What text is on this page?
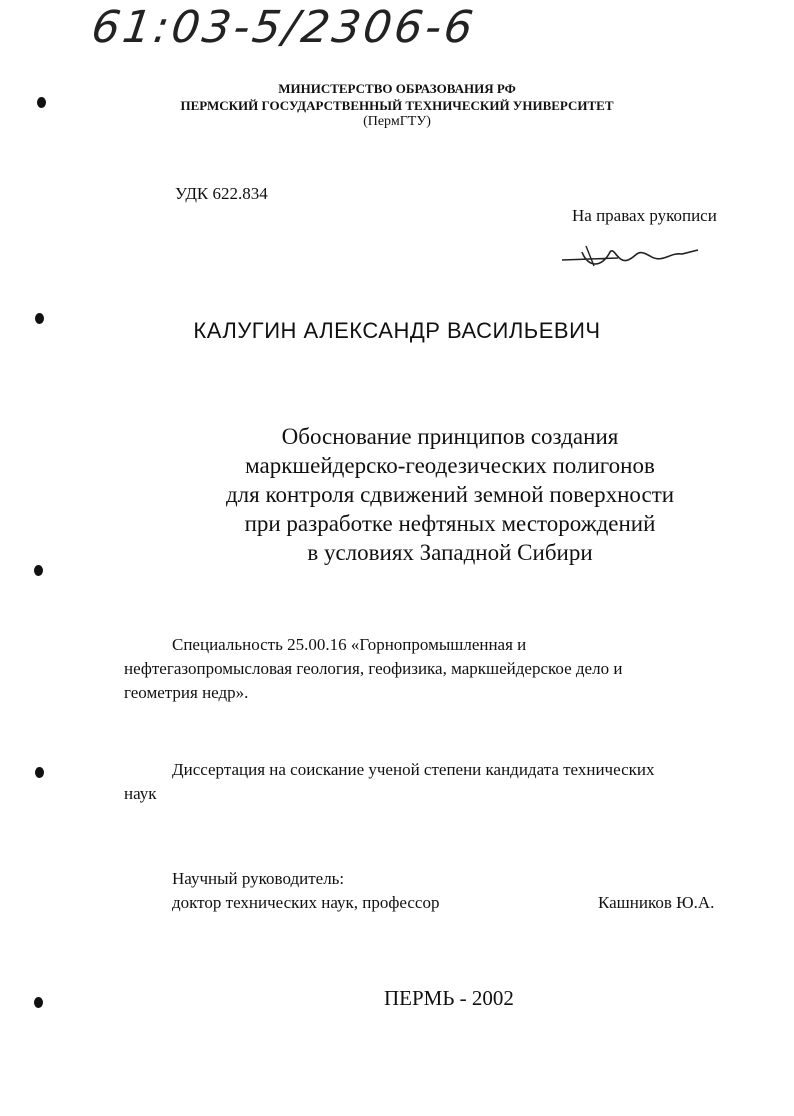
61:03-5/2306-6
МИНИСТЕРСТВО ОБРАЗОВАНИЯ РФ
ПЕРМСКИЙ ГОСУДАРСТВЕННЫЙ ТЕХНИЧЕСКИЙ УНИВЕРСИТЕТ
(ПермГТУ)
УДК 622.834
На правах рукописи
КАЛУГИН АЛЕКСАНДР ВАСИЛЬЕВИЧ
Обоснование принципов создания
маркшейдерско-геодезических полигонов
для контроля сдвижений земной поверхности
при разработке нефтяных месторождений
в условиях Западной Сибири
Специальность 25.00.16 «Горнопромышленная и
нефтегазопромысловая геология, геофизика, маркшейдерское дело и
геометрия недр».
Диссертация на соискание ученой степени кандидата технических
наук
Научный руководитель:
доктор технических наук, профессор	Кашников Ю.А.
ПЕРМЬ - 2002
